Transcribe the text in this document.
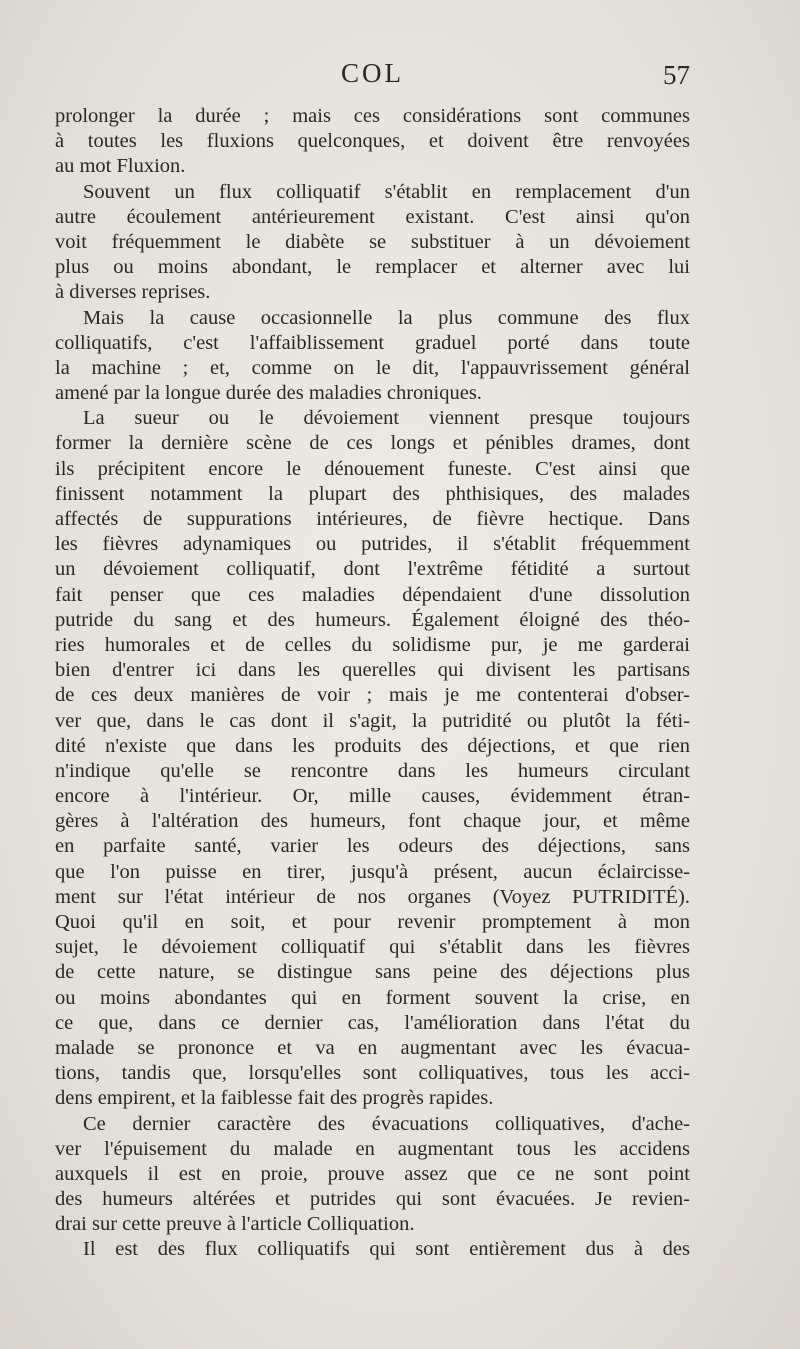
COL	57
prolonger la durée ; mais ces considérations sont communes
à toutes les fluxions quelconques, et doivent être renvoyées
au mot Fluxion.
Souvent un flux colliquatif s'établit en remplacement d'un
autre écoulement antérieurement existant. C'est ainsi qu'on
voit fréquemment le diabète se substituer à un dévoiement
plus ou moins abondant, le remplacer et alterner avec lui
à diverses reprises.
Mais la cause occasionnelle la plus commune des flux
colliquatifs, c'est l'affaiblissement graduel porté dans toute
la machine ; et, comme on le dit, l'appauvrissement général
amené par la longue durée des maladies chroniques.
La sueur ou le dévoiement viennent presque toujours
former la dernière scène de ces longs et pénibles drames, dont
ils précipitent encore le dénouement funeste. C'est ainsi que
finissent notamment la plupart des phthisiques, des malades
affectés de suppurations intérieures, de fièvre hectique. Dans
les fièvres adynamiques ou putrides, il s'établit fréquemment
un dévoiement colliquatif, dont l'extrême fétidité a surtout
fait penser que ces maladies dépendaient d'une dissolution
putride du sang et des humeurs. Également éloigné des théo-
ries humorales et de celles du solidisme pur, je me garderai
bien d'entrer ici dans les querelles qui divisent les partisans
de ces deux manières de voir ; mais je me contenterai d'obser-
ver que, dans le cas dont il s'agit, la putridité ou plutôt la féti-
dité n'existe que dans les produits des déjections, et que rien
n'indique qu'elle se rencontre dans les humeurs circulant
encore à l'intérieur. Or, mille causes, évidemment étran-
gères à l'altération des humeurs, font chaque jour, et même
en parfaite santé, varier les odeurs des déjections, sans
que l'on puisse en tirer, jusqu'à présent, aucun éclaircisse-
ment sur l'état intérieur de nos organes (Voyez PUTRIDITÉ).
Quoi qu'il en soit, et pour revenir promptement à mon
sujet, le dévoiement colliquatif qui s'établit dans les fièvres
de cette nature, se distingue sans peine des déjections plus
ou moins abondantes qui en forment souvent la crise, en
ce que, dans ce dernier cas, l'amélioration dans l'état du
malade se prononce et va en augmentant avec les évacua-
tions, tandis que, lorsqu'elles sont colliquatives, tous les acci-
dens empirent, et la faiblesse fait des progrès rapides.
Ce dernier caractère des évacuations colliquatives, d'ache-
ver l'épuisement du malade en augmentant tous les accidens
auxquels il est en proie, prouve assez que ce ne sont point
des humeurs altérées et putrides qui sont évacuées. Je revien-
drai sur cette preuve à l'article Colliquation.
Il est des flux colliquatifs qui sont entièrement dus à des
